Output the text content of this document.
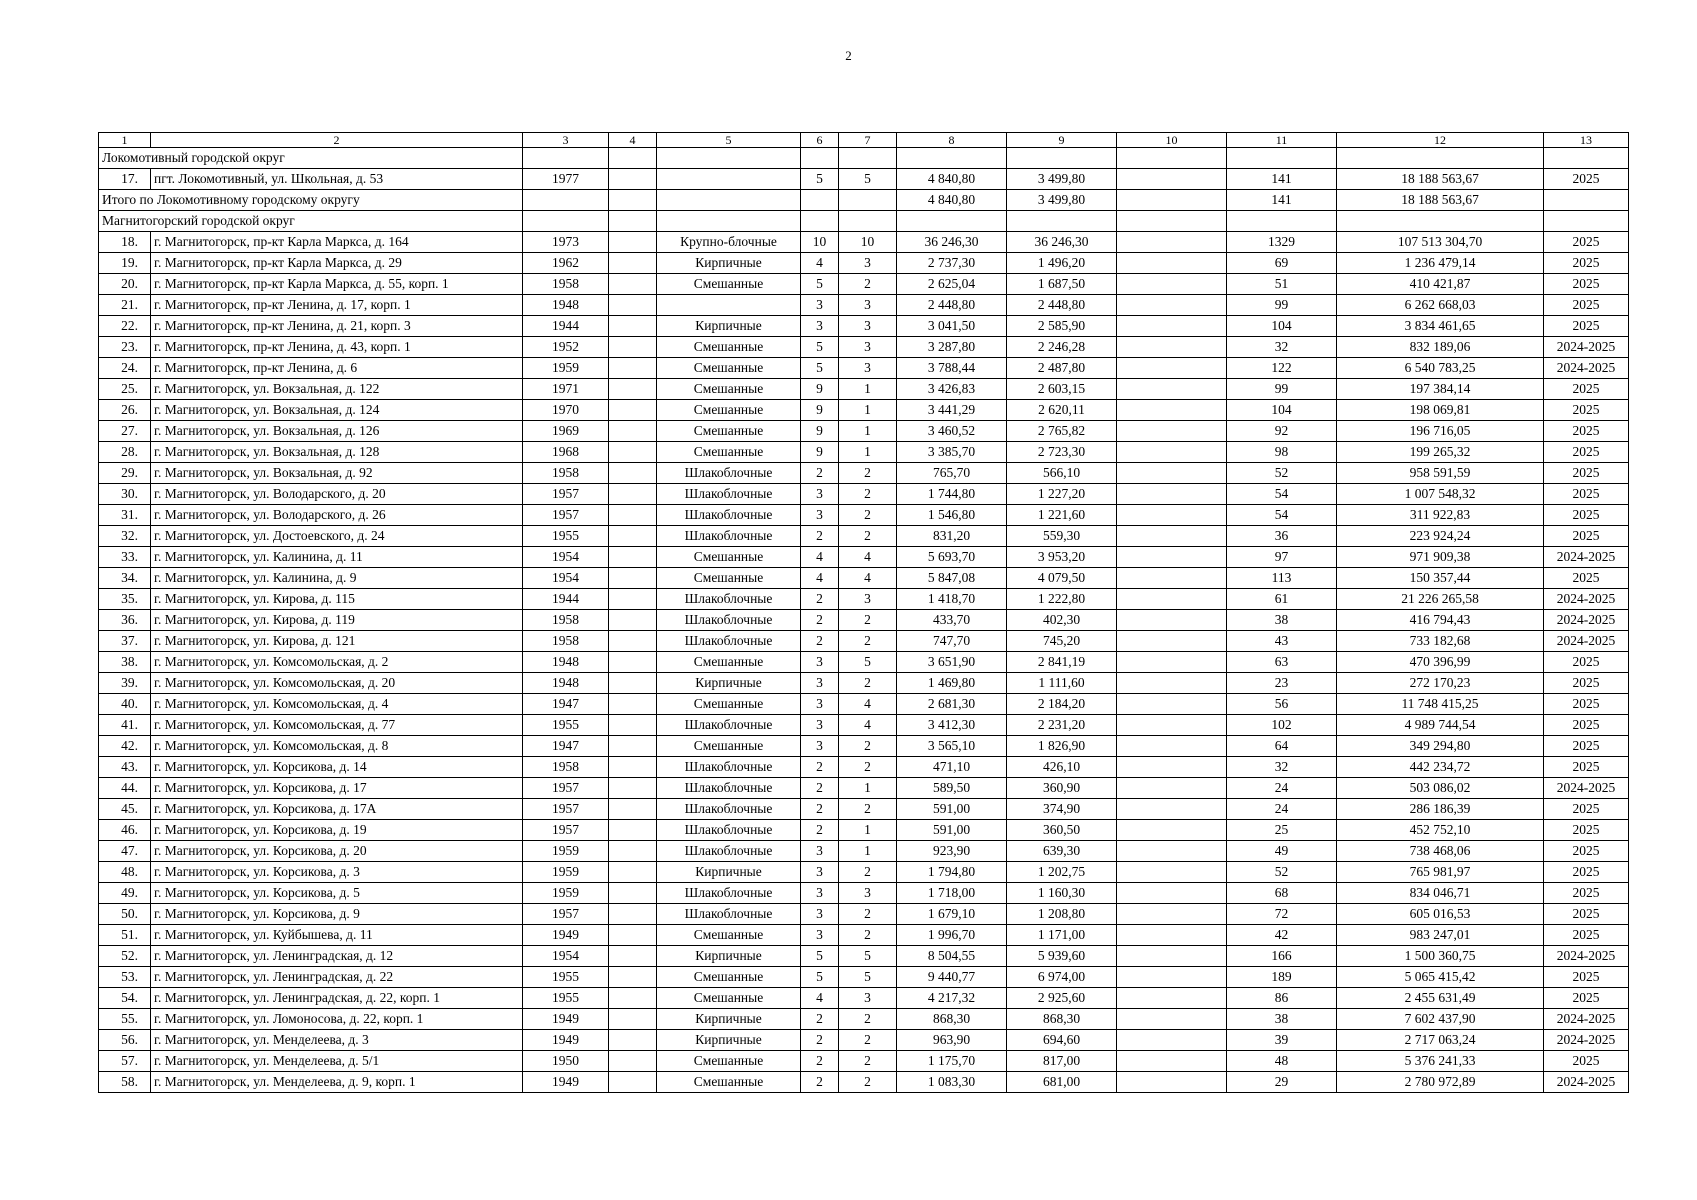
2
1	2	3	4	5	6	7	8	9	10	11	12	13
Локомотивный городской округ												
17.	пгт. Локомотивный, ул. Школьная, д. 53	1977			5	5	4 840,80	3 499,80		141	18 188 563,67	2025
Итого по Локомотивному городскому округу							4 840,80	3 499,80		141	18 188 563,67	
Магнитогорский городской округ												
18.	г. Магнитогорск, пр-кт Карла Маркса, д. 164	1973		Крупно-блочные	10	10	36 246,30	36 246,30		1329	107 513 304,70	2025
19.	г. Магнитогорск, пр-кт Карла Маркса, д. 29	1962		Кирпичные	4	3	2 737,30	1 496,20		69	1 236 479,14	2025
20.	г. Магнитогорск, пр-кт Карла Маркса, д. 55, корп. 1	1958		Смешанные	5	2	2 625,04	1 687,50		51	410 421,87	2025
21.	г. Магнитогорск, пр-кт Ленина, д. 17, корп. 1	1948			3	3	2 448,80	2 448,80		99	6 262 668,03	2025
22.	г. Магнитогорск, пр-кт Ленина, д. 21, корп. 3	1944		Кирпичные	3	3	3 041,50	2 585,90		104	3 834 461,65	2025
23.	г. Магнитогорск, пр-кт Ленина, д. 43, корп. 1	1952		Смешанные	5	3	3 287,80	2 246,28		32	832 189,06	2024-2025
24.	г. Магнитогорск, пр-кт Ленина, д. 6	1959		Смешанные	5	3	3 788,44	2 487,80		122	6 540 783,25	2024-2025
25.	г. Магнитогорск, ул. Вокзальная, д. 122	1971		Смешанные	9	1	3 426,83	2 603,15		99	197 384,14	2025
26.	г. Магнитогорск, ул. Вокзальная, д. 124	1970		Смешанные	9	1	3 441,29	2 620,11		104	198 069,81	2025
27.	г. Магнитогорск, ул. Вокзальная, д. 126	1969		Смешанные	9	1	3 460,52	2 765,82		92	196 716,05	2025
28.	г. Магнитогорск, ул. Вокзальная, д. 128	1968		Смешанные	9	1	3 385,70	2 723,30		98	199 265,32	2025
29.	г. Магнитогорск, ул. Вокзальная, д. 92	1958		Шлакоблочные	2	2	765,70	566,10		52	958 591,59	2025
30.	г. Магнитогорск, ул. Володарского, д. 20	1957		Шлакоблочные	3	2	1 744,80	1 227,20		54	1 007 548,32	2025
31.	г. Магнитогорск, ул. Володарского, д. 26	1957		Шлакоблочные	3	2	1 546,80	1 221,60		54	311 922,83	2025
32.	г. Магнитогорск, ул. Достоевского, д. 24	1955		Шлакоблочные	2	2	831,20	559,30		36	223 924,24	2025
33.	г. Магнитогорск, ул. Калинина, д. 11	1954		Смешанные	4	4	5 693,70	3 953,20		97	971 909,38	2024-2025
34.	г. Магнитогорск, ул. Калинина, д. 9	1954		Смешанные	4	4	5 847,08	4 079,50		113	150 357,44	2025
35.	г. Магнитогорск, ул. Кирова, д. 115	1944		Шлакоблочные	2	3	1 418,70	1 222,80		61	21 226 265,58	2024-2025
36.	г. Магнитогорск, ул. Кирова, д. 119	1958		Шлакоблочные	2	2	433,70	402,30		38	416 794,43	2024-2025
37.	г. Магнитогорск, ул. Кирова, д. 121	1958		Шлакоблочные	2	2	747,70	745,20		43	733 182,68	2024-2025
38.	г. Магнитогорск, ул. Комсомольская, д. 2	1948		Смешанные	3	5	3 651,90	2 841,19		63	470 396,99	2025
39.	г. Магнитогорск, ул. Комсомольская, д. 20	1948		Кирпичные	3	2	1 469,80	1 111,60		23	272 170,23	2025
40.	г. Магнитогорск, ул. Комсомольская, д. 4	1947		Смешанные	3	4	2 681,30	2 184,20		56	11 748 415,25	2025
41.	г. Магнитогорск, ул. Комсомольская, д. 77	1955		Шлакоблочные	3	4	3 412,30	2 231,20		102	4 989 744,54	2025
42.	г. Магнитогорск, ул. Комсомольская, д. 8	1947		Смешанные	3	2	3 565,10	1 826,90		64	349 294,80	2025
43.	г. Магнитогорск, ул. Корсикова, д. 14	1958		Шлакоблочные	2	2	471,10	426,10		32	442 234,72	2025
44.	г. Магнитогорск, ул. Корсикова, д. 17	1957		Шлакоблочные	2	1	589,50	360,90		24	503 086,02	2024-2025
45.	г. Магнитогорск, ул. Корсикова, д. 17А	1957		Шлакоблочные	2	2	591,00	374,90		24	286 186,39	2025
46.	г. Магнитогорск, ул. Корсикова, д. 19	1957		Шлакоблочные	2	1	591,00	360,50		25	452 752,10	2025
47.	г. Магнитогорск, ул. Корсикова, д. 20	1959		Шлакоблочные	3	1	923,90	639,30		49	738 468,06	2025
48.	г. Магнитогорск, ул. Корсикова, д. 3	1959		Кирпичные	3	2	1 794,80	1 202,75		52	765 981,97	2025
49.	г. Магнитогорск, ул. Корсикова, д. 5	1959		Шлакоблочные	3	3	1 718,00	1 160,30		68	834 046,71	2025
50.	г. Магнитогорск, ул. Корсикова, д. 9	1957		Шлакоблочные	3	2	1 679,10	1 208,80		72	605 016,53	2025
51.	г. Магнитогорск, ул. Куйбышева, д. 11	1949		Смешанные	3	2	1 996,70	1 171,00		42	983 247,01	2025
52.	г. Магнитогорск, ул. Ленинградская, д. 12	1954		Кирпичные	5	5	8 504,55	5 939,60		166	1 500 360,75	2024-2025
53.	г. Магнитогорск, ул. Ленинградская, д. 22	1955		Смешанные	5	5	9 440,77	6 974,00		189	5 065 415,42	2025
54.	г. Магнитогорск, ул. Ленинградская, д. 22, корп. 1	1955		Смешанные	4	3	4 217,32	2 925,60		86	2 455 631,49	2025
55.	г. Магнитогорск, ул. Ломоносова, д. 22, корп. 1	1949		Кирпичные	2	2	868,30	868,30		38	7 602 437,90	2024-2025
56.	г. Магнитогорск, ул. Менделеева, д. 3	1949		Кирпичные	2	2	963,90	694,60		39	2 717 063,24	2024-2025
57.	г. Магнитогорск, ул. Менделеева, д. 5/1	1950		Смешанные	2	2	1 175,70	817,00		48	5 376 241,33	2025
58.	г. Магнитогорск, ул. Менделеева, д. 9, корп. 1	1949		Смешанные	2	2	1 083,30	681,00		29	2 780 972,89	2024-2025
